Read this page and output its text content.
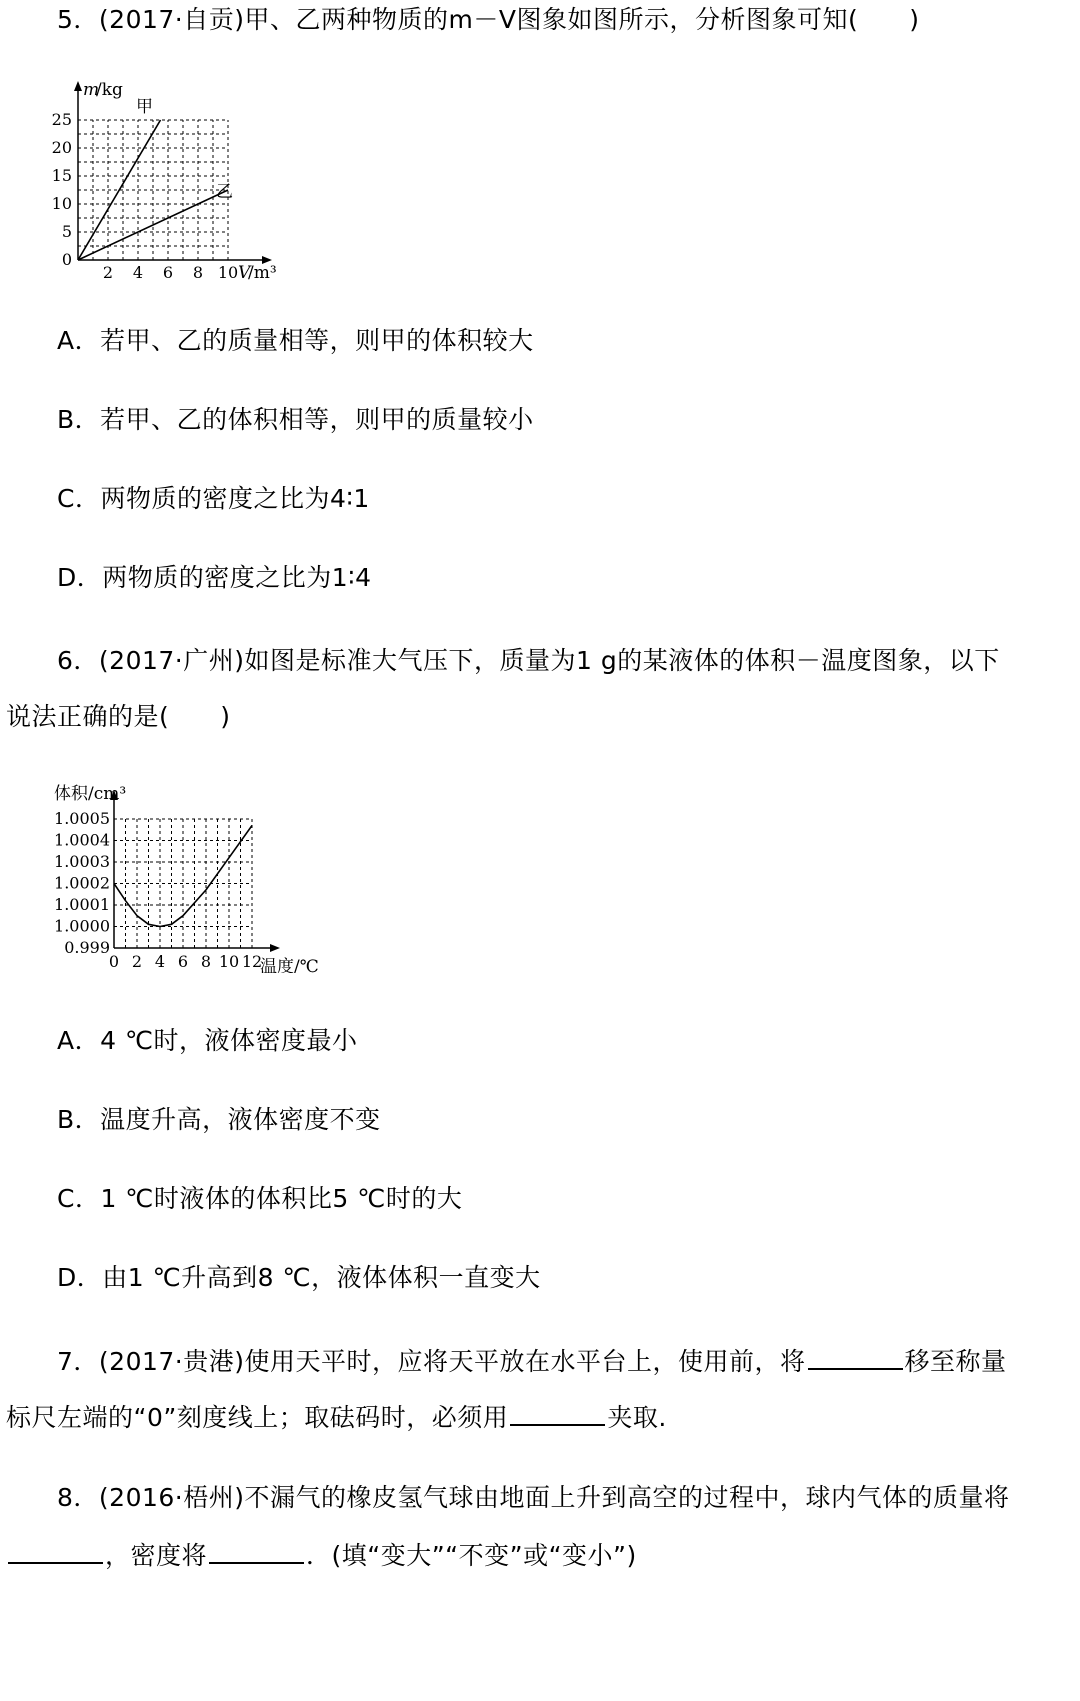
5．(2017·自贡)甲、乙两种物质的m－V图象如图所示，分析图象可知(　　)
2 4 6 8 10
0
5
10
15
20
25
m
/kg
V
/m³
甲
乙
A．若甲、乙的质量相等，则甲的体积较大
B．若甲、乙的体积相等，则甲的质量较小
C．两物质的密度之比为4∶1
D．两物质的密度之比为1∶4
6．(2017·广州)如图是标准大气压下，质量为1 g的某液体的体积－温度图象，以下
说法正确的是(　　)
0 2 4 6 8 10 12
0.999
1.0000
1.0001
1.0002
1.0003
1.0004
1.0005
体积/cm³
温度/℃
A．4 ℃时，液体密度最小
B．温度升高，液体密度不变
C．1 ℃时液体的体积比5 ℃时的大
D．由1 ℃升高到8 ℃，液体体积一直变大
7．(2017·贵港)使用天平时，应将天平放在水平台上，使用前，将	移至称量
标尺左端的“0”刻度线上；取砝码时，必须用	夹取.
8．(2016·梧州)不漏气的橡皮氢气球由地面上升到高空的过程中，球内气体的质量将
，密度将	．(填“变大”“不变”或“变小”)
